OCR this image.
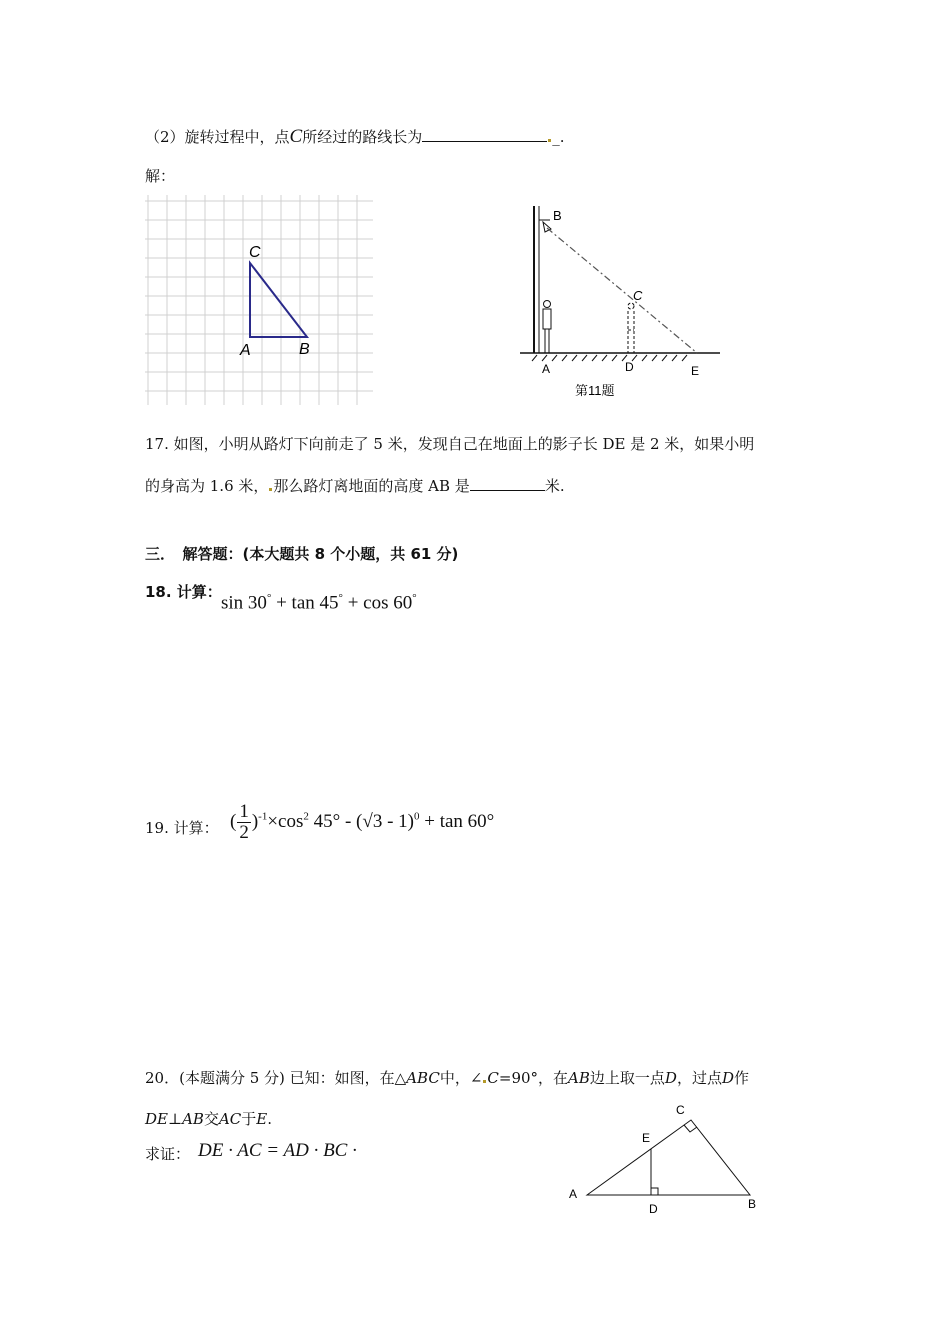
（2）旋转过程中，点C所经过的路线长为	_.
解：
C
A	B
B
C
A	D	E
第11题
17. 如图，小明从路灯下向前走了 5 米，发现自己在地面上的影子长 DE 是 2 米，如果小明
的身高为 1.6 米， 那么路灯离地面的高度 AB 是	米.
三．　解答题：(本大题共 8 个小题，共 61 分)
18. 计算：
sin 30° + tan 45° + cos 60°
19. 计算： ( $\frac{1}{2} )^{-1}\times\cos^2$ 45° - (√3 - 1)$^0$ + tan 60°
20．(本题满分 5 分) 已知：如图，在△ABC中，∠ C=90°，在AB边上取一点D，过点D作
DE⊥AB交AC于E.
求证： DE · AC = AD · BC ·
C
E
A
D	B
